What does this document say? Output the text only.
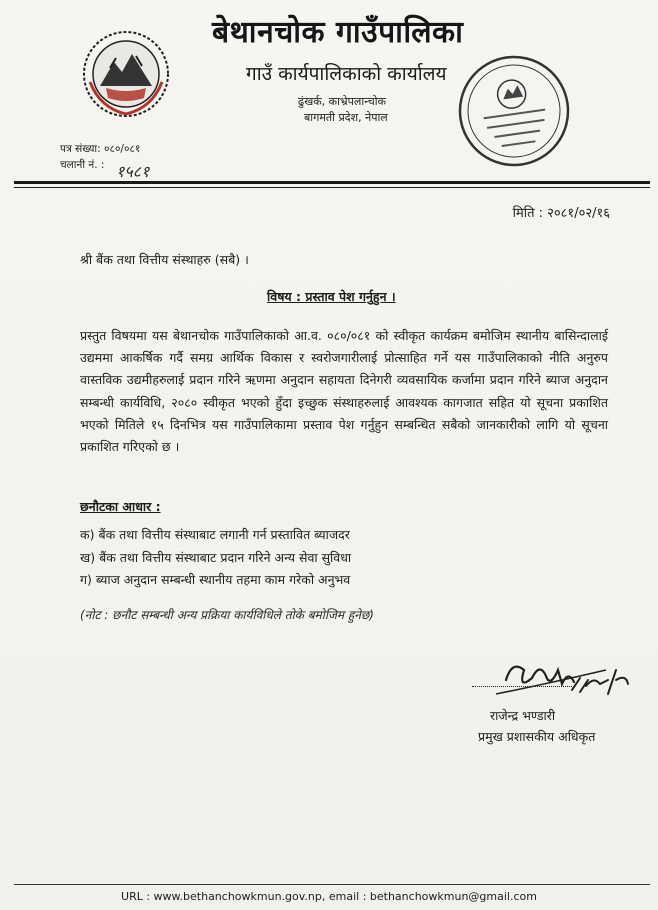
बेथानचोक गाउँपालिका
गाउँ कार्यपालिकाको कार्यालय
ढुंखर्क, काभ्रेपलान्चोक
बागमती प्रदेश, नेपाल
पत्र संख्या: ०८०/०८१
चलानी नं. : १५८१
मिति : २०८१/०२/१६
श्री बैंक तथा वित्तीय संस्थाहरु (सबै) ।
विषय : प्रस्ताव पेश गर्नुहुन ।
प्रस्तुत विषयमा यस बेथानचोक गाउँपालिकाको आ.व. ०८०/०८१ को स्वीकृत कार्यक्रम बमोजिम स्थानीय बासिन्दालाई उद्यममा आकर्षिक गर्दै समग्र आर्थिक विकास र स्वरोजगारीलाई प्रोत्साहित गर्ने यस गाउँपालिकाको नीति अनुरुप वास्तविक उद्यमीहरुलाई प्रदान गरिने ऋणमा अनुदान सहायता दिनेगरी व्यवसायिक कर्जामा प्रदान गरिने ब्याज अनुदान सम्बन्धी कार्यविधि, २०८० स्वीकृत भएको हुँदा इच्छुक संस्थाहरुलाई आवश्यक कागजात सहित यो सूचना प्रकाशित भएको मितिले १५ दिनभित्र यस गाउँपालिकामा प्रस्ताव पेश गर्नुहुन सम्बन्धित सबैको जानकारीको लागि यो सूचना प्रकाशित गरिएको छ ।
छनौटका आधार :
क) बैंक तथा वित्तीय संस्थाबाट लगानी गर्न प्रस्तावित ब्याजदर
ख) बैंक तथा वित्तीय संस्थाबाट प्रदान गरिने अन्य सेवा सुविधा
ग) ब्याज अनुदान सम्बन्धी स्थानीय तहमा काम गरेको अनुभव
(नोट : छनौट सम्बन्धी अन्य प्रक्रिया कार्यविधिले तोके बमोजिम हुनेछ)
राजेन्द्र भण्डारी
प्रमुख प्रशासकीय अधिकृत
URL : www.bethanchowkmun.gov.np, email : bethanchowkmun@gmail.com
